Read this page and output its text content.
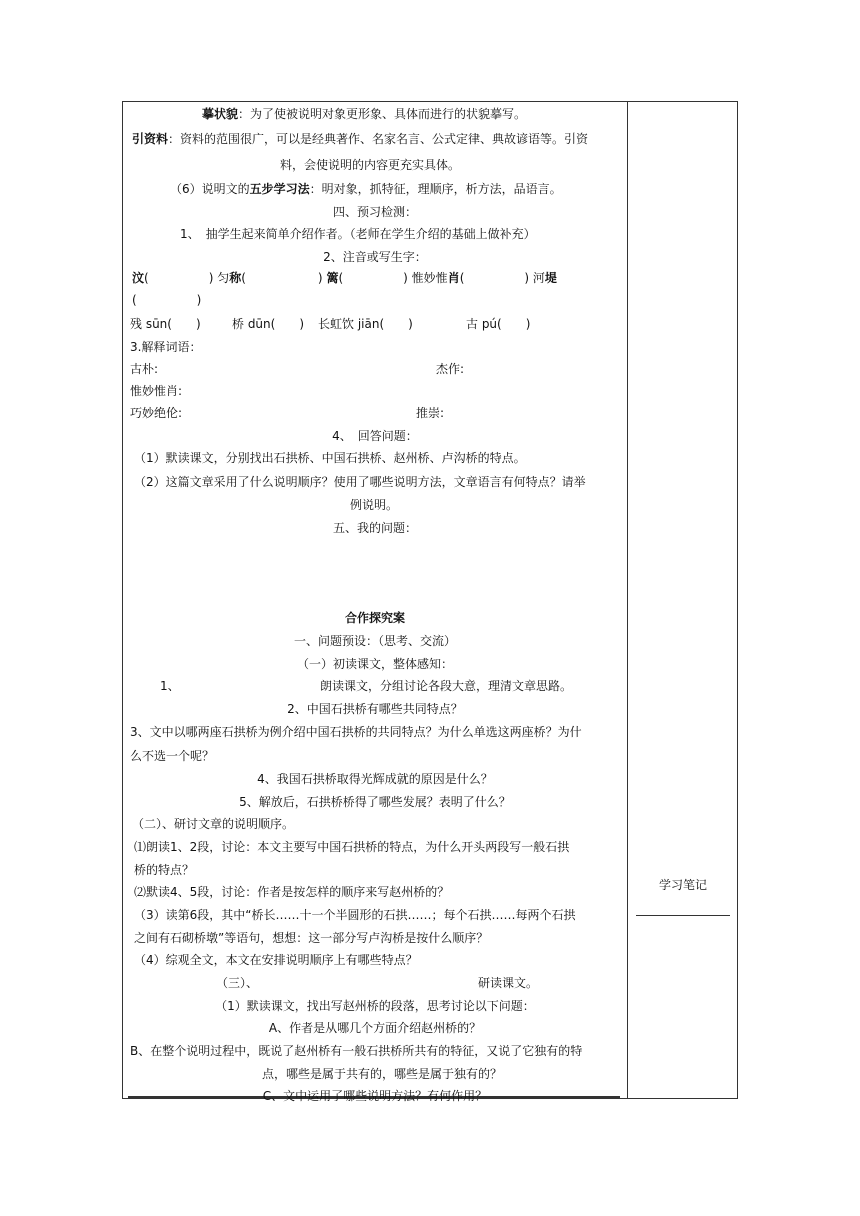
摹状貌：为了使被说明对象更形象、具体而进行的状貌摹写。
引资料：资料的范围很广，可以是经典著作、名家名言、公式定律、典故谚语等。引资
料，会使说明的内容更充实具体。
（6）说明文的五步学习法：明对象，抓特征，理顺序，析方法，品语言。
四、预习检测：
1、　抽学生起来简单介绍作者。（老师在学生介绍的基础上做补充）
2、注音或写生字：
汶(　　　　　) 匀称(　　　　　　) 篱(　　　　　) 惟妙惟肖(　　　　　) 河堤
(　　　　　)
残 sūn(　　)	桥 dūn(　　) 长虹饮 jiān(　　)	古 pú(　　)
3.解释词语：
古朴:	杰作:
惟妙惟肖:
巧妙绝伦:	推崇:
4、　回答问题：
（1）默读课文，分别找出石拱桥、中国石拱桥、赵州桥、卢沟桥的特点。
（2）这篇文章采用了什么说明顺序？使用了哪些说明方法，文章语言有何特点？请举
例说明。
五、我的问题：
合作探究案
一、问题预设：（思考、交流）
（一）初读课文，整体感知：
1、	朗读课文，分组讨论各段大意，理清文章思路。
2、中国石拱桥有哪些共同特点？
3、文中以哪两座石拱桥为例介绍中国石拱桥的共同特点？为什么单选这两座桥？为什
么不选一个呢？
4、我国石拱桥取得光辉成就的原因是什么？
5、解放后，石拱桥桥得了哪些发展？表明了什么？
（二）、研讨文章的说明顺序。
⑴朗读1、2段，讨论：本文主要写中国石拱桥的特点，为什么开头两段写一般石拱
桥的特点？
⑵默读4、5段，讨论：作者是按怎样的顺序来写赵州桥的？
（3）读第6段，其中“桥长……十一个半圆形的石拱……；每个石拱……每两个石拱
之间有石砌桥墩”等语句，想想：这一部分写卢沟桥是按什么顺序？
（4）综观全文，本文在安排说明顺序上有哪些特点？
（三）、	研读课文。
（1）默读课文，找出写赵州桥的段落，思考讨论以下问题：
A、作者是从哪几个方面介绍赵州桥的？
B、在整个说明过程中，既说了赵州桥有一般石拱桥所共有的特征，又说了它独有的特
点，哪些是属于共有的，哪些是属于独有的？
C、文中运用了哪些说明方法？有何作用？
学习笔记
